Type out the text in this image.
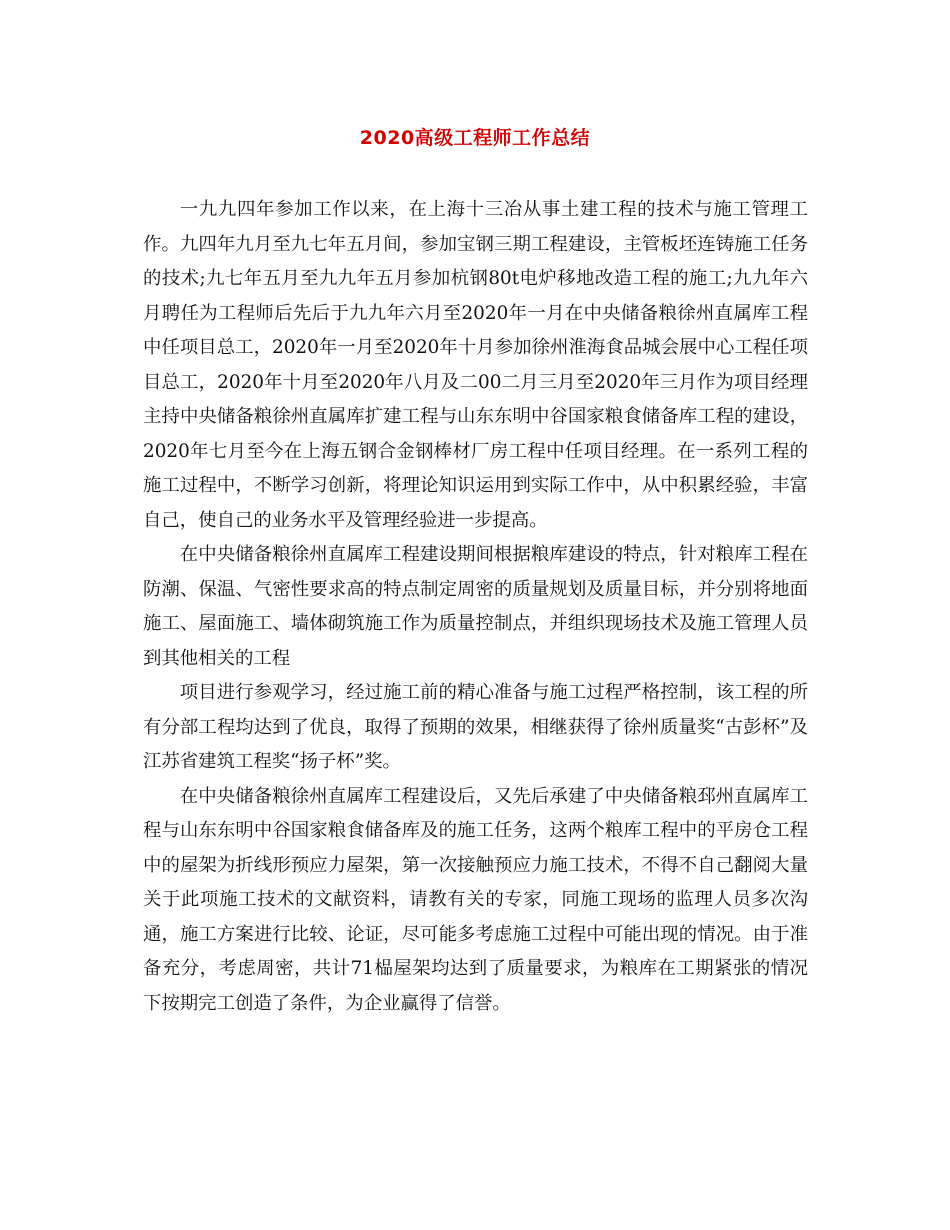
2020高级工程师工作总结

一九九四年参加工作以来，在上海十三冶从事土建工程的技术与施工管理工作。九四年九月至九七年五月间，参加宝钢三期工程建设，主管板坯连铸施工任务的技术;九七年五月至九九年五月参加杭钢80t电炉移地改造工程的施工;九九年六月聘任为工程师后先后于九九年六月至2020年一月在中央储备粮徐州直属库工程中任项目总工，2020年一月至2020年十月参加徐州淮海食品城会展中心工程任项目总工，2020年十月至2020年八月及二00二月三月至2020年三月作为项目经理主持中央储备粮徐州直属库扩建工程与山东东明中谷国家粮食储备库工程的建设，2020年七月至今在上海五钢合金钢棒材厂房工程中任项目经理。在一系列工程的施工过程中，不断学习创新，将理论知识运用到实际工作中，从中积累经验，丰富自己，使自己的业务水平及管理经验进一步提高。

在中央储备粮徐州直属库工程建设期间根据粮库建设的特点，针对粮库工程在防潮、保温、气密性要求高的特点制定周密的质量规划及质量目标，并分别将地面施工、屋面施工、墙体砌筑施工作为质量控制点，并组织现场技术及施工管理人员到其他相关的工程

项目进行参观学习，经过施工前的精心准备与施工过程严格控制，该工程的所有分部工程均达到了优良，取得了预期的效果，相继获得了徐州质量奖“古彭杯”及江苏省建筑工程奖“扬子杯”奖。

在中央储备粮徐州直属库工程建设后，又先后承建了中央储备粮邳州直属库工程与山东东明中谷国家粮食储备库及的施工任务，这两个粮库工程中的平房仓工程中的屋架为折线形预应力屋架，第一次接触预应力施工技术，不得不自己翻阅大量关于此项施工技术的文献资料，请教有关的专家，同施工现场的监理人员多次沟通，施工方案进行比较、论证，尽可能多考虑施工过程中可能出现的情况。由于准备充分，考虑周密，共计71榀屋架均达到了质量要求，为粮库在工期紧张的情况下按期完工创造了条件，为企业赢得了信誉。
